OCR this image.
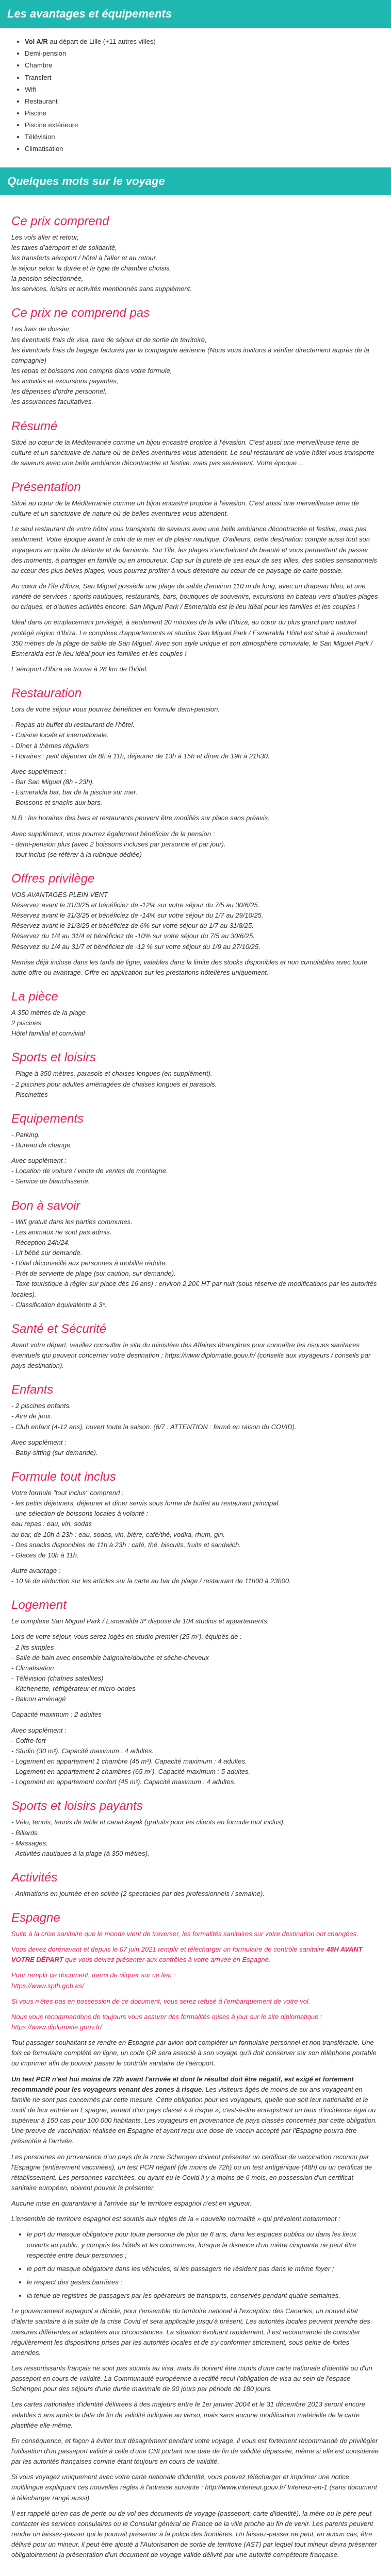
Les avantages et équipements
• Vol A/R au départ de Lille (+11 autres villes)
• Demi-pension
• Chambre
• Transfert
• Wifi
• Restaurant
• Piscine
• Piscine extérieure
• Télévision
• Climatisation
Quelques mots sur le voyage
Ce prix comprend
Les vols aller et retour,
les taxes d'aéroport et de solidarité,
les transferts aéroport / hôtel à l'aller et au retour,
le séjour selon la durée et le type de chambre choisis,
la pension sélectionnée,
les services, loisirs et activités mentionnés sans supplément.
Ce prix ne comprend pas
Les frais de dossier,
les éventuels frais de visa, taxe de séjour et de sortie de territoire,
les éventuels frais de bagage facturés par la compagnie aérienne (Nous vous invitons à vérifier directement auprès de la compagnie)
les repas et boissons non compris dans votre formule,
les activités et excursions payantes,
les dépenses d'ordre personnel,
les assurances facultatives.
Résumé

Situé au cœur de la Méditerranée comme un bijou encastré propice à l'évasion. C'est aussi une merveilleuse terre de culture et un sanctuaire de nature où de belles aventures vous attendent. Le seul restaurant de votre hôtel vous transporte de saveurs avec une belle ambiance décontractée et festive, mais pas seulement. Votre époque ...

Présentation

Situé au cœur de la Méditerranée comme un bijou encastré propice à l'évasion. C'est aussi une merveilleuse terre de culture et un sanctuaire de nature où de belles aventures vous attendent.

Le seul restaurant de votre hôtel vous transporte de saveurs avec une belle ambiance décontractée et festive, mais pas seulement. Votre époque avant le coin de la mer et de plaisir nautique. D'ailleurs, cette destination compte aussi tout son voyageurs en quête de détente et de farniente. Sur l'île, les plages s'enchaînent de beauté et vous permettent de passer des moments, à partager en famille ou en amoureux. Cap sur la pureté de ses eaux de ses villes, des sables sensationnels au cœur des plus belles plages, vous pourrez profiter à vous détendre au cœur de ce paysage de carte postale.

Au cœur de l'île d'Ibiza, San Miguel possède une plage de sable d'environ 110 m de long, avec un drapeau bleu, et une variété de services : sports nautiques, restaurants, bars, boutiques de souvenirs, excursions en bateau vers d'autres plages ou criques, et d'autres activités encore. San Miguel Park / Esmeralda est le lieu idéal pour les familles et les couples !

Idéal dans un emplacement privilégié, à seulement 20 minutes de la ville d'Ibiza, au cœur du plus grand parc naturel protégé région d'Ibiza. Le complexe d'appartements et studios San Miguel Park / Esmeralda Hôtel est situé à seulement 350 mètres de la plage de sable de San Miguel. Avec son style unique et son atmosphère conviviale, le San Miguel Park / Esmeralda est le lieu idéal pour les familles et les couples !

L'aéroport d'Ibiza se trouve à 28 km de l'hôtel.

Restauration

Lors de votre séjour vous pourrez bénéficier en formule demi-pension.

- Repas au buffet du restaurant de l'hôtel.
- Cuisine locale et internationale.
- Dîner à thèmes réguliers
- Horaires : petit déjeuner de 8h à 11h, déjeuner de 13h à 15h et dîner de 19h à 21h30.
Avec supplément :
- Bar San Miguel (8h - 23h).
- Esmeralda bar, bar de la piscine sur mer.
- Boissons et snacks aux bars.

N.B : les horaires des bars et restaurants peuvent être modifiés sur place sans préavis.

Avec supplément, vous pourrez également bénéficier de la pension :
- demi-pension plus (avec 2 boissons incluses par personne et par jour).
- tout inclus (se référer à la rubrique dédiée)
Offres privilège
VOS AVANTAGES PLEIN VENT
Réservez avant le 31/3/25 et bénéficiez de -12% sur votre séjour du 7/5 au 30/6/25.
Réservez avant le 31/3/25 et bénéficiez de -14% sur votre séjour du 1/7 au 29/10/25.
Réservez avant le 31/3/25 et bénéficiez de 6% sur votre séjour du 1/7 au 31/8/25.
Réservez du 1/4 au 31/4 et bénéficiez de -10% sur votre séjour du 7/5 au 30/6/25.
Réservez du 1/4 au 31/7 et bénéficiez de -12 % sur votre séjour du 1/9 au 27/10/25.

Remise déjà incluse dans les tarifs de ligne, valables dans la limite des stocks disponibles et non cumulables avec toute autre offre ou avantage. Offre en application sur les prestations hôtelières uniquement.

La pièce
A 350 mètres de la plage
2 piscines
Hôtel familial et convivial
Sports et loisirs
- Plage à 350 mètres, parasols et chaises longues (en supplément).
- 2 piscines pour adultes aménagées de chaises longues et parasols.
- Piscinettes
Equipements
- Parking.
- Bureau de change.
Avec supplément :
- Location de voiture / vente de ventes de montagne.
- Service de blanchisserie.
Bon à savoir
- Wifi gratuit dans les parties communes.
- Les animaux ne sont pas admis.
- Réception 24h/24.
- Lit bébé sur demande.
- Hôtel déconseillé aux personnes à mobilité réduite.
- Prêt de serviette de plage (sur caution, sur demande).
- Taxe touristique à régler sur place dès 16 ans) : environ 2,20€ HT par nuit (sous réserve de modifications par les autorités locales).
- Classification équivalente à 3*.
Santé et Sécurité

Avant votre départ, veuillez consulter le site du ministère des Affaires étrangères pour connaître les risques sanitaires éventuels qui peuvent concerner votre destination : https://www.diplomatie.gouv.fr/ (conseils aux voyageurs / conseils par pays destination).

Enfants
- 2 piscines enfants.
- Aire de jeux.
- Club enfant (4-12 ans), ouvert toute la saison. (6/7 : ATTENTION : fermé en raison du COVID).
Avec supplément :
- Baby-sitting (sur demande).
Formule tout inclus
Votre formule "tout inclus" comprend :
- les petits déjeuners, déjeuner et dîner servis sous forme de buffet au restaurant principal.
- une sélection de boissons locales à volonté :
eau repas : eau, vin, sodas
au bar, de 10h à 23h : eau, sodas, vin, bière, café/thé, vodka, rhum, gin.
- Des snacks disponibles de 11h à 23h : café, thé, biscuits, fruits et sandwich.
- Glaces de 10h à 11h.
Autre avantage :
- 10 % de réduction sur les articles sur la carte au bar de plage / restaurant de 11h00 à 23h00.
Logement

Le complexe San Miguel Park / Esmeralda 3* dispose de 104 studios et appartements.

Lors de votre séjour, vous serez logés en studio premier (25 m²), équipés de :
- 2 lits simples
- Salle de bain avec ensemble baignoire/douche et sèche-cheveux
- Climatisation
- Télévision (chaînes satellites)
- Kitchenette, réfrigérateur et micro-ondes
- Balcon aménagé

Capacité maximum : 2 adultes

Avec supplément :
- Coffre-fort
- Studio (30 m²). Capacité maximum : 4 adultes.
- Logement en appartement 1 chambre (45 m²). Capacité maximum : 4 adultes.
- Logement en appartement 2 chambres (65 m²). Capacité maximum : 5 adultes.
- Logement en appartement confort (45 m²). Capacité maximum : 4 adultes.
Sports et loisirs payants
- Vélo, tennis, tennis de table et canal kayak (gratuits pour les clients en formule tout inclus).
- Billards.
- Massages.
- Activités nautiques à la plage (à 350 mètres).
Activités
- Animations en journée et en soirée (2 spectacles par des professionnels / semaine).
Espagne

Suite à la crise sanitaire que le monde vient de traverser, les formalités sanitaires sur votre destination ont changées.

Vous devez dorénavant et depuis le 07 juin 2021 remplir et télécharger un formulaire de contrôle sanitaire 48H AVANT VOTRE DÉPART que vous devrez présenter aux contrôles à votre arrivée en Espagne.

Pour remplir ce document, merci de cliquer sur ce lien :
https://www.spth.gob.es/

Si vous n'êtes pas en possession de ce document, vous serez refusé à l'embarquement de votre vol.

Nous vous recommandons de toujours vous assurer des formalités mises à jour sur le site diplomatique : https://www.diplomatie.gouv.fr/

Tout passager souhaitant se rendre en Espagne par avion doit compléter un formulaire personnel et non transférable. Une fois ce formulaire complété en ligne, un code QR sera associé à son voyage qu'il doit conserver sur son téléphone portable ou imprimer afin de pouvoir passer le contrôle sanitaire de l'aéroport.

Un test PCR n'est hui moins de 72h avant l'arrivée et dont le résultat doit être négatif, est exigé et fortement recommandé pour les voyageurs venant des zones à risque. Les visiteurs âgés de moins de six ans voyageant en famille ne sont pas concernés par cette mesure. Cette obligation pour les voyageurs, quelle que soit leur nationalité et le motif de leur entrée en Espagne, venant d'un pays classé « à risque », c'est-à-dire enregistrant un taux d'incidence égal ou supérieur à 150 cas pour 100 000 habitants. Les voyageurs en provenance de pays classés concernés par cette obligation. Une preuve de vaccination réalisée en Espagne et ayant reçu une dose de vaccin accepté par l'Espagne pourra être présentée à l'arrivée.

Les personnes en provenance d'un pays de la zone Schengen doivent présenter un certificat de vaccination reconnu par l'Espagne (entièrement vaccinées), un test PCR négatif (de moins de 72h) ou un test antigénique (48h) ou un certificat de rétablissement. Les personnes vaccinées, ou ayant eu le Covid il y a moins de 6 mois, en possession d'un certificat sanitaire européen, doivent pouvoir le présenter.

Aucune mise en quarantaine à l'arrivée sur le territoire espagnol n'est en vigueur.

L'ensemble de territoire espagnol est soumis aux règles de la « nouvelle normalité » qui prévoient notamment :

• le port du masque obligatoire pour toute personne de plus de 6 ans, dans les espaces publics ou dans les lieux ouverts au public, y compris les hôtels et les commerces, lorsque la distance d'un mètre cinquante ne peut être respectée entre deux personnes ;
• le port du masque obligatoire dans les véhicules, si les passagers ne résident pas dans le même foyer ;
• le respect des gestes barrières ;
• la tenue de registres de passagers par les opérateurs de transports, conservés pendant quatre semaines.

Le gouvernement espagnol a décidé, pour l'ensemble du territoire national à l'exception des Canaries, un nouvel état d'alerte sanitaire à la suite de la crise Covid et sera applicable jusqu'à présent. Les autorités locales peuvent prendre des mesures différentes et adaptées aux circonstances. La situation évoluant rapidement, il est recommandé de consulter régulièrement les dispositions prises par les autorités locales et de s'y conformer strictement, sous peine de fortes amendes.

Les ressortissants français ne sont pas soumis au visa, mais ils doivent être munis d'une carte nationale d'identité ou d'un passeport en cours de validité. La Communauté européenne a rectifié recul l'obligation de visa au sein de l'espace Schengen pour des séjours d'une durée maximale de 90 jours par période de 180 jours.

Les cartes nationales d'identité délivrées à des majeurs entre le 1er janvier 2004 et le 31 décembre 2013 seront encore valables 5 ans après la date de fin de validité indiquée au verso, mais sans aucune modification matérielle de la carte plastifiée elle-même.

En conséquence, et façon à éviter tout désagrément pendant votre voyage, il vous est fortement recommandé de privilégier l'utilisation d'un passeport valide à celle d'une CNI portant une date de fin de validité dépassée, même si elle est considérée par les autorités françaises comme étant toujours en cours de validité.

Si vous voyagez uniquement avec votre carte nationale d'identité, vous pouvez télécharger et imprimer une notice multilingue expliquant ces nouvelles règles à l'adresse suivante : http://www.interieur.gouv.fr/ Interieur-en-1 (sans document à télécharger rangé aussi).

Il est rappelé qu'en cas de perte ou de vol des documents de voyage (passeport, carte d'identité), la mère ou le père peut contacter les services consulaires ou le Consulat général de France de la ville proche au fin de venir. Les parents peuvent rendre un laissez-passer qui le pourrait présenter à la police des frontières. Un laissez-passer ne peut, en aucun cas, être délivré pour un mineur, il peut être ajouté à l'Autorisation de sortie de territoire (AST) par lequel tout mineur devra présenter obligatoirement la présentation d'un document de voyage valide délivré par une autorité compétente française.
